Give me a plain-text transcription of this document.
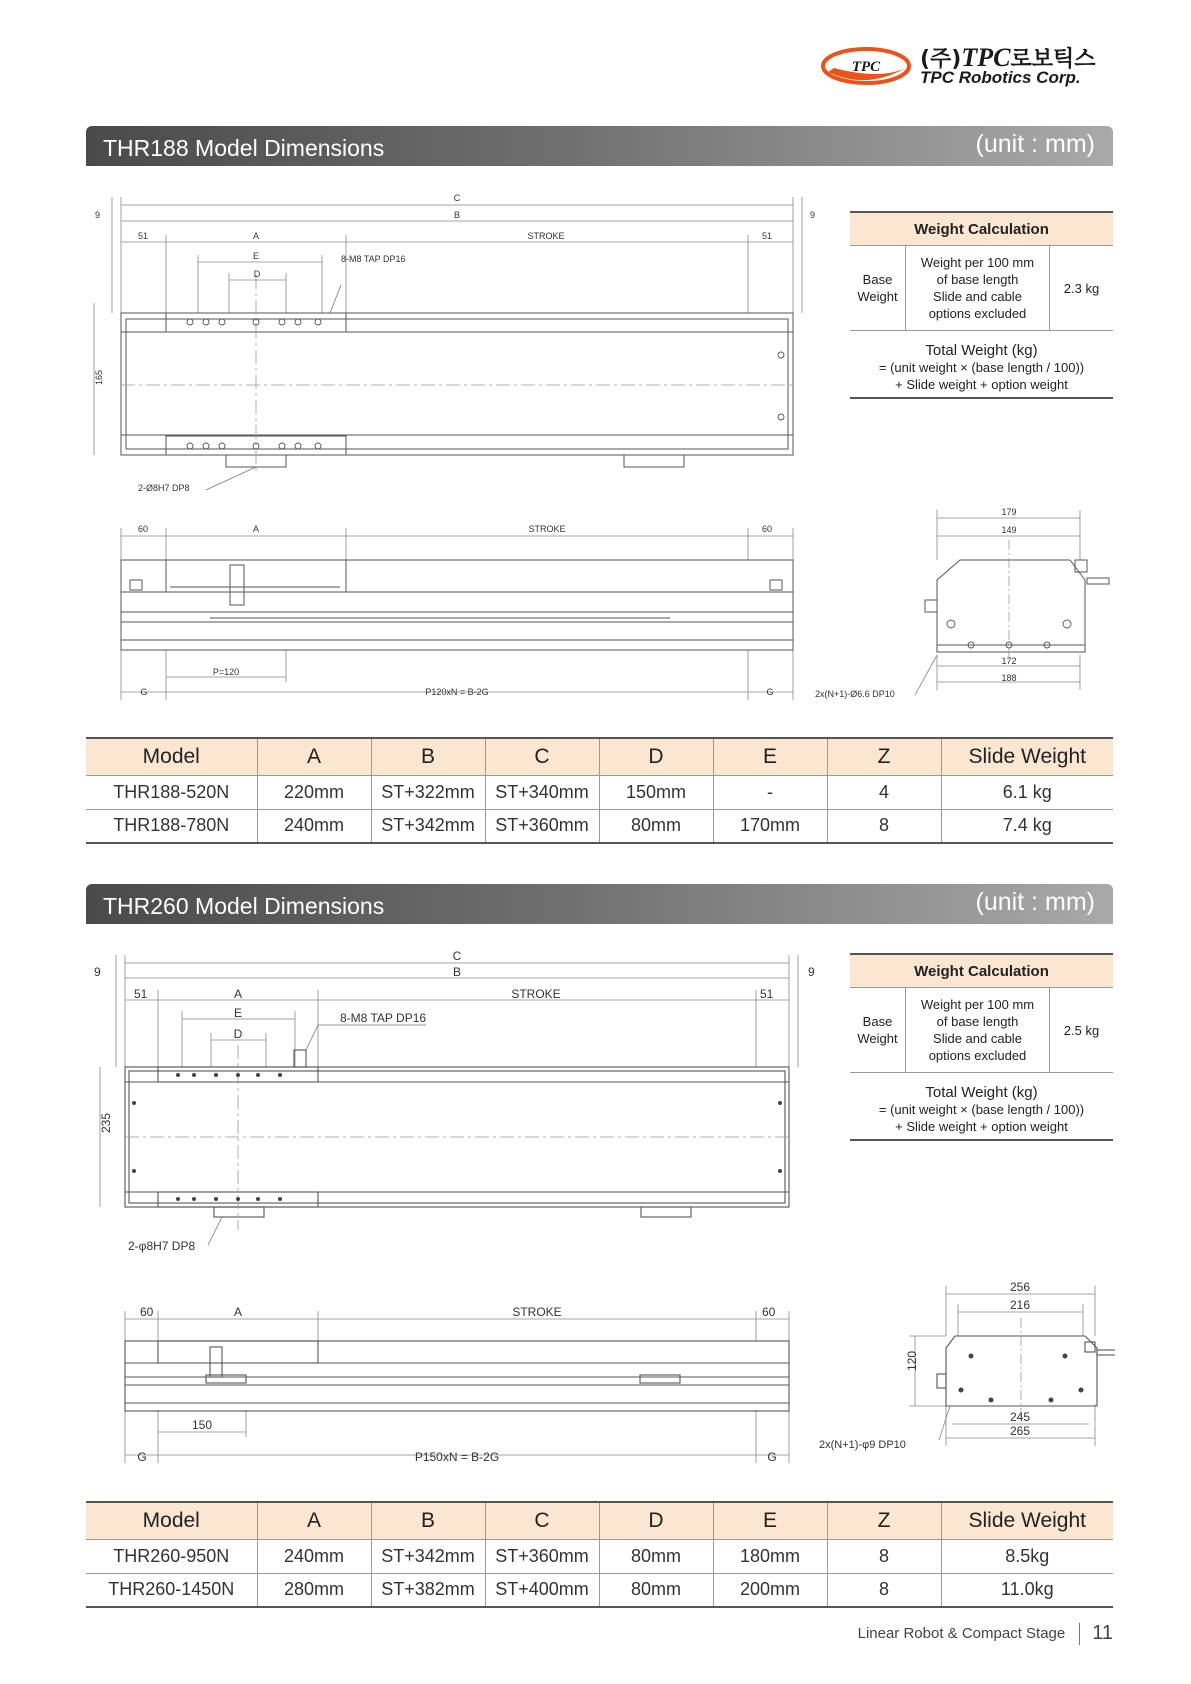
TPC (주)TPC로보틱스
TPC Robotics Corp.
THR188 Model Dimensions	(unit : mm)
C
B
9	9
51	A	STROKE	51
E
D
8-M8 TAP DP16
165
2-Ø8H7 DP8
60	A	STROKE	60
P=120
G	P120xN = B-2G	G
179
149
172
188
2x(N+1)-Ø6.6 DP10
Weight Calculation
Base
Weight
Weight per 100 mm
of base length
Slide and cable
options excluded
2.3 kg
Total Weight (kg)
= (unit weight × (base length / 100))
+ Slide weight + option weight
Model	A	B	C	D	E	Z	Slide Weight
THR188-520N	220mm	ST+322mm	ST+340mm	150mm	-	4	6.1 kg
THR188-780N	240mm	ST+342mm	ST+360mm	80mm	170mm	8	7.4 kg
THR260 Model Dimensions	(unit : mm)
C
B
9	9
51	A	STROKE	51
E
D
8-M8 TAP DP16
235
2-φ8H7 DP8
60	A	STROKE	60
150
G	P150xN = B-2G	G
256
216
120
245
265
2x(N+1)-φ9 DP10
Weight Calculation
Base
Weight
Weight per 100 mm
of base length
Slide and cable
options excluded
2.5 kg
Total Weight (kg)
= (unit weight × (base length / 100))
+ Slide weight + option weight
Model	A	B	C	D	E	Z	Slide Weight
THR260-950N	240mm	ST+342mm	ST+360mm	80mm	180mm	8	8.5kg
THR260-1450N	280mm	ST+382mm	ST+400mm	80mm	200mm	8	11.0kg
Linear Robot & Compact Stage 11
